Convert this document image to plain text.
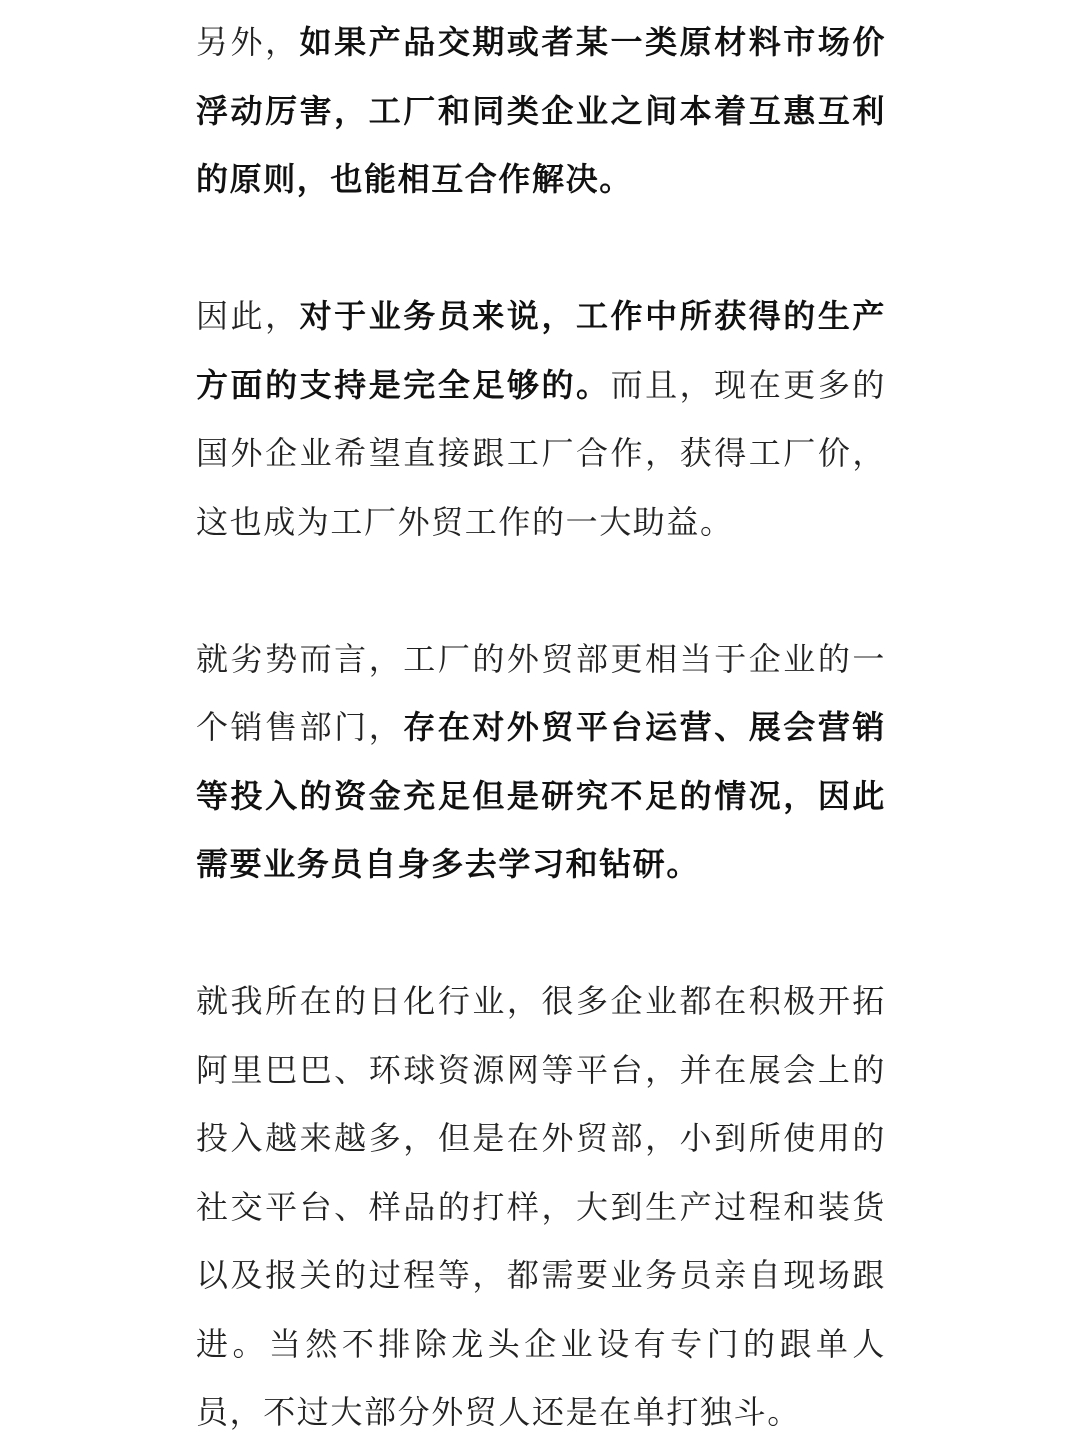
另外，如果产品交期或者某一类原材料市场价浮动厉害，工厂和同类企业之间本着互惠互利的原则，也能相互合作解决。

因此，对于业务员来说，工作中所获得的生产方面的支持是完全足够的。而且，现在更多的国外企业希望直接跟工厂合作，获得工厂价，这也成为工厂外贸工作的一大助益。

就劣势而言，工厂的外贸部更相当于企业的一个销售部门，存在对外贸平台运营、展会营销等投入的资金充足但是研究不足的情况，因此需要业务员自身多去学习和钻研。

就我所在的日化行业，很多企业都在积极开拓阿里巴巴、环球资源网等平台，并在展会上的投入越来越多，但是在外贸部，小到所使用的社交平台、样品的打样，大到生产过程和装货以及报关的过程等，都需要业务员亲自现场跟进。当然不排除龙头企业设有专门的跟单人员，不过大部分外贸人还是在单打独斗。
